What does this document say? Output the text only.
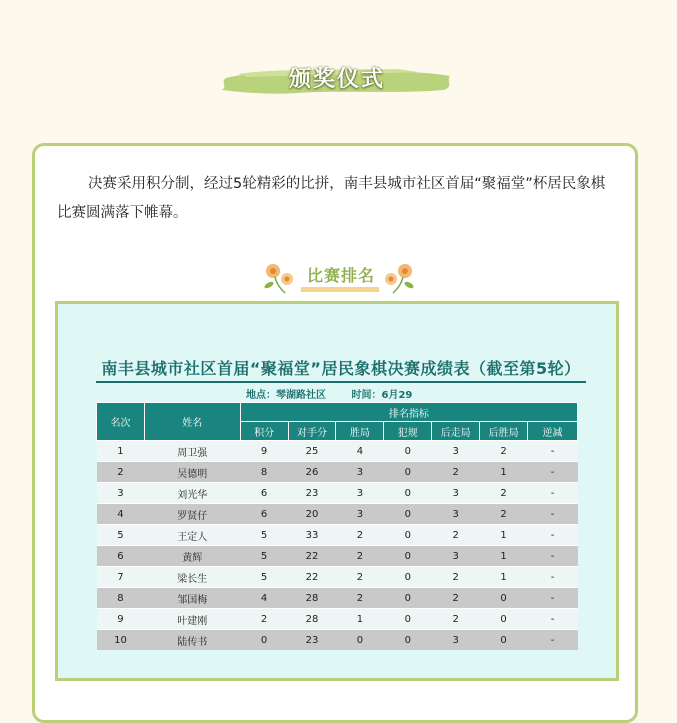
颁奖仪式

决赛采用积分制，经过5轮精彩的比拼，南丰县城市社区首届“聚福堂”杯居民象棋比赛圆满落下帷幕。

比赛排名
南丰县城市社区首届“聚福堂”居民象棋决赛成绩表（截至第5轮）
地点：琴湖路社区	时间：6月29
名次	姓名	排名指标						
		积分	对手分	胜局	犯规	后走局	后胜局	逆减
1	周卫强	9	25	4	0	3	2	-
2	吴德明	8	26	3	0	2	1	-
3	刘光华	6	23	3	0	3	2	-
4	罗贤仔	6	20	3	0	3	2	-
5	王定人	5	33	2	0	2	1	-
6	黄辉	5	22	2	0	3	1	-
7	梁长生	5	22	2	0	2	1	-
8	邹国梅	4	28	2	0	2	0	-
9	叶建刚	2	28	1	0	2	0	-
10	陆传书	0	23	0	0	3	0	-
